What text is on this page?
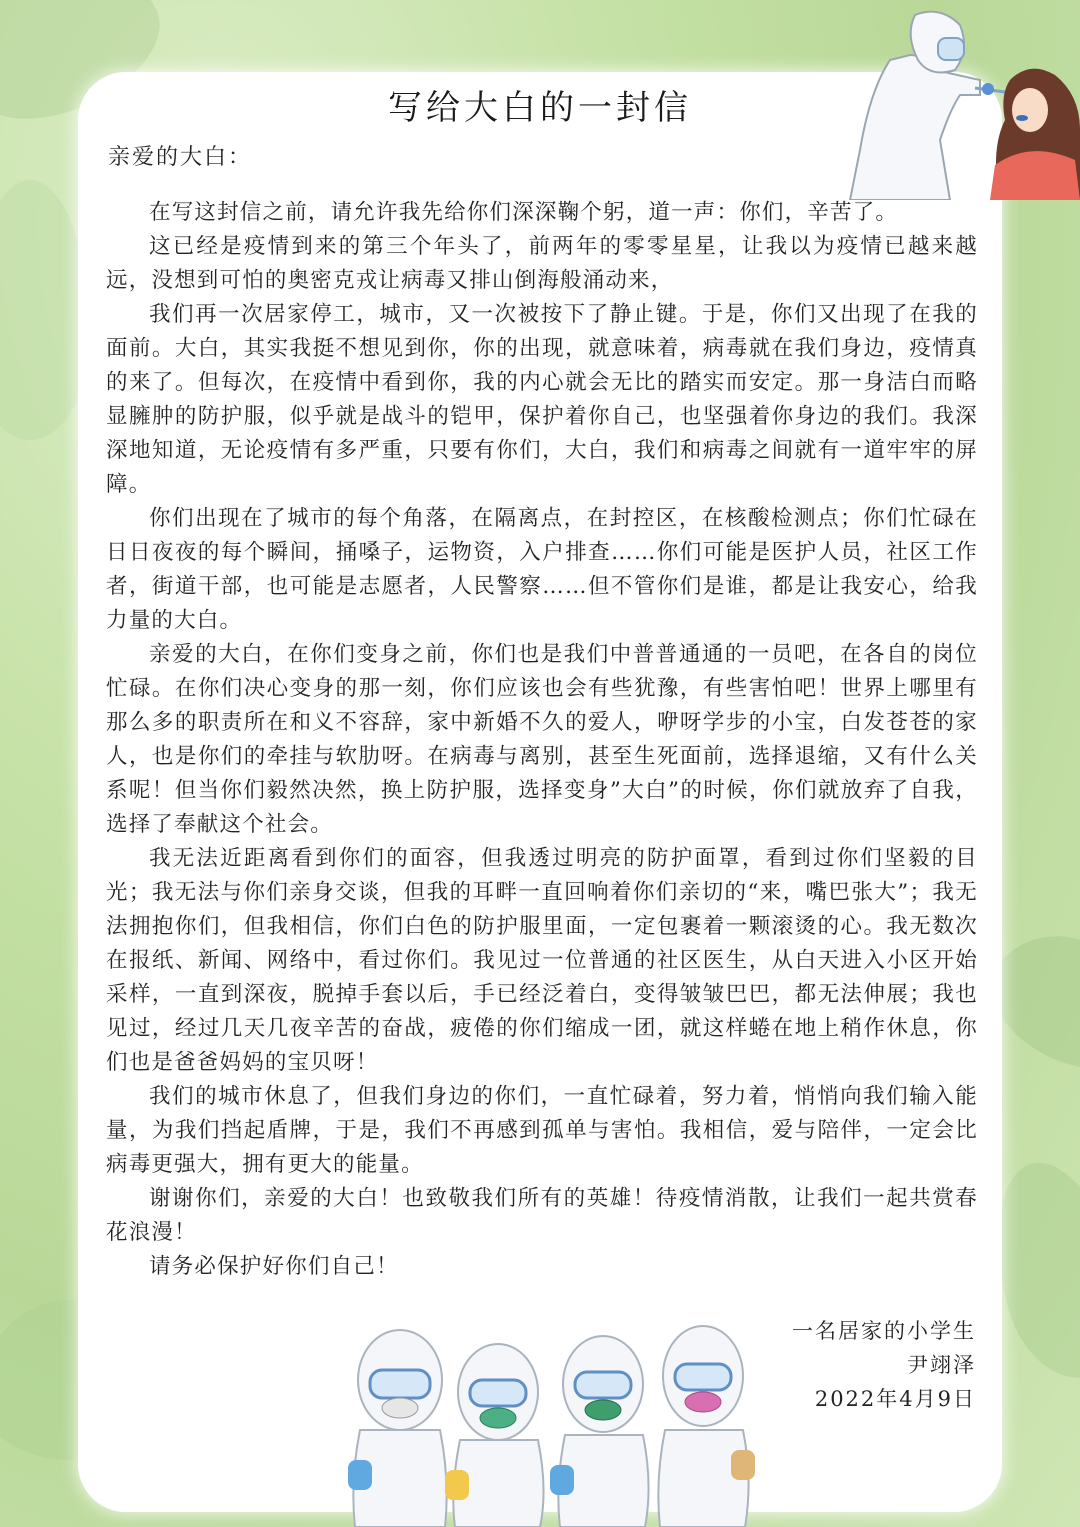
写给大白的一封信
亲爱的大白：

在写这封信之前，请允许我先给你们深深鞠个躬，道一声：你们，辛苦了。

这已经是疫情到来的第三个年头了，前两年的零零星星，让我以为疫情已越来越远，没想到可怕的奥密克戎让病毒又排山倒海般涌动来，

我们再一次居家停工，城市，又一次被按下了静止键。于是，你们又出现了在我的面前。大白，其实我挺不想见到你，你的出现，就意味着，病毒就在我们身边，疫情真的来了。但每次，在疫情中看到你，我的内心就会无比的踏实而安定。那一身洁白而略显臃肿的防护服，似乎就是战斗的铠甲，保护着你自己，也坚强着你身边的我们。我深深地知道，无论疫情有多严重，只要有你们，大白，我们和病毒之间就有一道牢牢的屏障。

你们出现在了城市的每个角落，在隔离点，在封控区，在核酸检测点；你们忙碌在日日夜夜的每个瞬间，捅嗓子，运物资，入户排查……你们可能是医护人员，社区工作者，街道干部，也可能是志愿者，人民警察……但不管你们是谁，都是让我安心，给我力量的大白。

亲爱的大白，在你们变身之前，你们也是我们中普普通通的一员吧，在各自的岗位忙碌。在你们决心变身的那一刻，你们应该也会有些犹豫，有些害怕吧！世界上哪里有那么多的职责所在和义不容辞，家中新婚不久的爱人，咿呀学步的小宝，白发苍苍的家人，也是你们的牵挂与软肋呀。在病毒与离别，甚至生死面前，选择退缩，又有什么关系呢！但当你们毅然决然，换上防护服，选择变身”大白”的时候，你们就放弃了自我，选择了奉献这个社会。

我无法近距离看到你们的面容，但我透过明亮的防护面罩，看到过你们坚毅的目光；我无法与你们亲身交谈，但我的耳畔一直回响着你们亲切的“来，嘴巴张大”；我无法拥抱你们，但我相信，你们白色的防护服里面，一定包裹着一颗滚烫的心。我无数次在报纸、新闻、网络中，看过你们。我见过一位普通的社区医生，从白天进入小区开始采样，一直到深夜，脱掉手套以后，手已经泛着白，变得皱皱巴巴，都无法伸展；我也见过，经过几天几夜辛苦的奋战，疲倦的你们缩成一团，就这样蜷在地上稍作休息，你们也是爸爸妈妈的宝贝呀！

我们的城市休息了，但我们身边的你们，一直忙碌着，努力着，悄悄向我们输入能量，为我们挡起盾牌，于是，我们不再感到孤单与害怕。我相信，爱与陪伴，一定会比病毒更强大，拥有更大的能量。

谢谢你们，亲爱的大白！也致敬我们所有的英雄！待疫情消散，让我们一起共赏春花浪漫！

请务必保护好你们自己！

一名居家的小学生
尹翊泽
2022年4月9日
